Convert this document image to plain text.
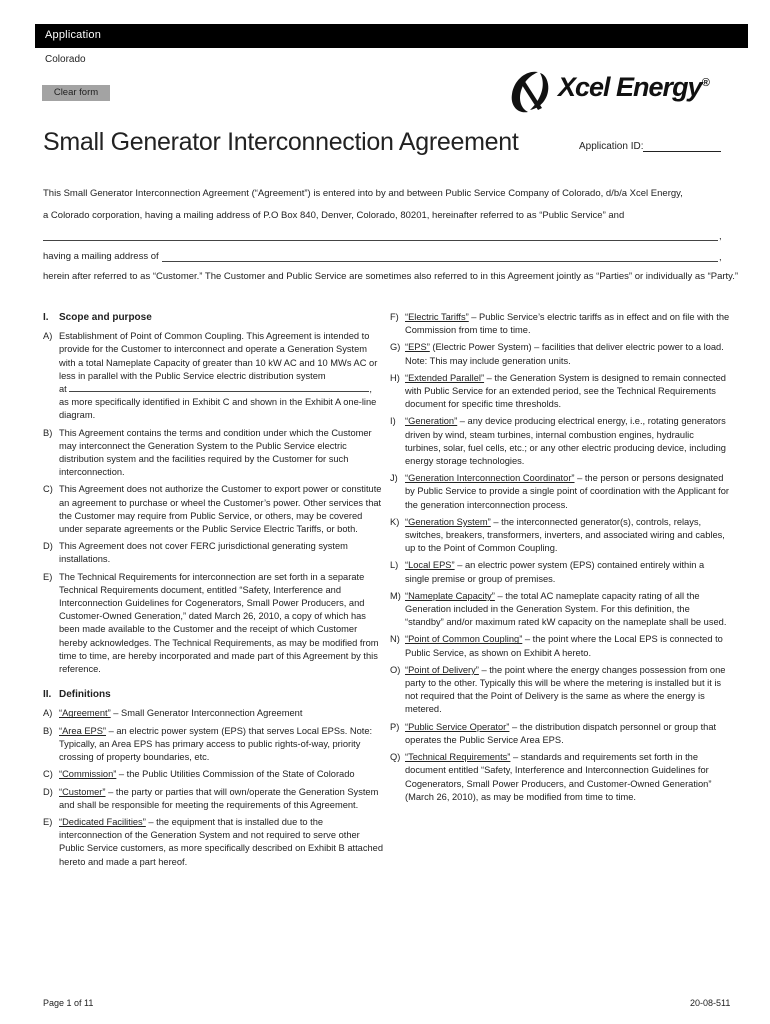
Application
Colorado
Clear form	Xcel Energy®
Small Generator Interconnection Agreement	Application ID:
This Small Generator Interconnection Agreement (“Agreement”) is entered into by and between Public Service Company of Colorado, d/b/a Xcel Energy,
a Colorado corporation, having a mailing address of P.O Box 840, Denver, Colorado, 80201, hereinafter referred to as “Public Service” and
,
having a mailing address of	,
herein after referred to as “Customer.” The Customer and Public Service are sometimes also referred to in this Agreement jointly as “Parties” or individually as “Party.”
I. Scope and purpose
A) Establishment of Point of Common Coupling. This Agreement is intended to provide for the Customer to interconnect and operate a Generation System with a total Nameplate Capacity of greater than 10 kW AC and 10 MWs AC or less in parallel with the Public Service electric distribution system
at	,
as more specifically identified in Exhibit C and shown in the Exhibit A one-line diagram.
B) This Agreement contains the terms and condition under which the Customer may interconnect the Generation System to the Public Service electric distribution system and the facilities required by the Customer for such interconnection.
C) This Agreement does not authorize the Customer to export power or constitute an agreement to purchase or wheel the Customer’s power. Other services that the Customer may require from Public Service, or others, may be covered under separate agreements or the Public Service Electric Tariffs, or both.
D) This Agreement does not cover FERC jurisdictional generating system installations.
E) The Technical Requirements for interconnection are set forth in a separate Technical Requirements document, entitled “Safety, Interference and Interconnection Guidelines for Cogenerators, Small Power Producers, and Customer-Owned Generation,” dated March 26, 2010, a copy of which has been made available to the Customer and the receipt of which Customer hereby acknowledges. The Technical Requirements, as may be modified from time to time, are hereby incorporated and made part of this Agreement by this reference.
II. Definitions
A) “Agreement” – Small Generator Interconnection Agreement
B) “Area EPS” – an electric power system (EPS) that serves Local EPSs. Note: Typically, an Area EPS has primary access to public rights-of-way, priority crossing of property boundaries, etc.
C) “Commission” – the Public Utilities Commission of the State of Colorado
D) “Customer” – the party or parties that will own/operate the Generation System and shall be responsible for meeting the requirements of this Agreement.
E) “Dedicated Facilities” – the equipment that is installed due to the interconnection of the Generation System and not required to serve other Public Service customers, as more specifically described on Exhibit B attached hereto and made a part hereof.
F) “Electric Tariffs” – Public Service’s electric tariffs as in effect and on file with the Commission from time to time.
G) “EPS” (Electric Power System) – facilities that deliver electric power to a load. Note: This may include generation units.
H) “Extended Parallel” – the Generation System is designed to remain connected with Public Service for an extended period, see the Technical Requirements document for specific time thresholds.
I)	“Generation” – any device producing electrical energy, i.e., rotating generators driven by wind, steam turbines, internal combustion engines, hydraulic turbines, solar, fuel cells, etc.; or any other electric producing device, including energy storage technologies.
J) “Generation Interconnection Coordinator” – the person or persons designated by Public Service to provide a single point of coordination with the Applicant for the generation interconnection process.
K) “Generation System” – the interconnected generator(s), controls, relays, switches, breakers, transformers, inverters, and associated wiring and cables, up to the Point of Common Coupling.
L) “Local EPS” – an electric power system (EPS) contained entirely within a single premise or group of premises.
M) “Nameplate Capacity” – the total AC nameplate capacity rating of all the Generation included in the Generation System. For this definition, the “standby” and/or maximum rated kW capacity on the nameplate shall be used.
N) “Point of Common Coupling” – the point where the Local EPS is connected to Public Service, as shown on Exhibit A hereto.
O) “Point of Delivery” – the point where the energy changes possession from one party to the other. Typically this will be where the metering is installed but it is not required that the Point of Delivery is the same as where the energy is metered.
P) “Public Service Operator” – the distribution dispatch personnel or group that operates the Public Service Area EPS.
Q) “Technical Requirements” – standards and requirements set forth in the document entitled “Safety, Interference and Interconnection Guidelines for Cogenerators, Small Power Producers, and Customer-Owned Generation” (March 26, 2010), as may be modified from time to time.
Page 1 of 11	20-08-511
